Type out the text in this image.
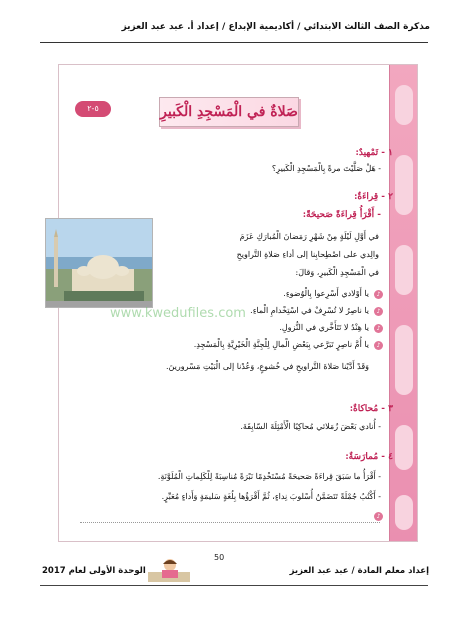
مذكرة الصف الثالث الابتدائي / أكاديمية الإبداع / إعداد أ. عبد عبد العزيز
٥-٢	صَلاةٌ في الْمَسْجِدِ الْكَبيرِ
١ - تَمْهيدٌ:
- هَلْ صَلَّيْتَ مرةً بِالْمَسْجِدِ الْكَبيرِ؟
٢ - قِراءَةٌ:
- أَقْرَأُ قِراءَةً صَحيحَةً:
في أَوَّلِ لَيْلَةٍ مِنْ شَهْرِ رَمَضانَ الْمُبارَكِ عَزَمَ
والِدي على اصْطِحابِنا إلى أداءِ صَلاةِ التَّراويحِ
في الْمَسْجِدِ الْكَبيرِ، وَقالَ:
♪
يا أَوْلادي أَسْرِعوا بِالْوُضوءِ.
♪
يا ناصِرُ لا تُسْرِفْ في اسْتِخْدامِ الْماءِ.
♪
يا هِنْدُ لا تَتَأَخَّري في النُّزولِ.
♪
يا أُمَّ ناصِرٍ تَبَرَّعي بِبَعْضِ الْمالِ لِلْجِنَّةِ الْخَيْرِيَّةِ بِالْمَسْجِدِ.
وَقَدْ أَدَّيْنا صَلاةَ التَّراويحِ في خُشوعٍ، وَعُدْنا إلى الْبَيْتِ مَسْرورينَ.
www.kwedufiles.com
٣ - مُحاكاةٌ:
- أُنادي بَعْضَ زُمَلائي مُحاكِيًا الْأَمْثِلَةَ السّابِقَةَ.
٤ - مُمارَسَةٌ:
- أَقْرَأُ ما سَبَقَ قِراءَةً صَحيحَةً مُسْتَخْدِمًا نَبْرَةً مُناسِبَةً لِلْكَلِماتِ الْمُلَوَّنَةِ.
- أَكْتُبُ جُمْلَةً تَتَضَمَّنُ أُسْلوبَ نِداءٍ، ثُمَّ أَقْرَؤُها بِلُغَةٍ سَليمَةٍ وَأَداءٍ مُعَبِّرٍ.
♪
50
إعداد معلم المادة / عبد عبد العزيز
الوحدة الأولى لعام 2017
